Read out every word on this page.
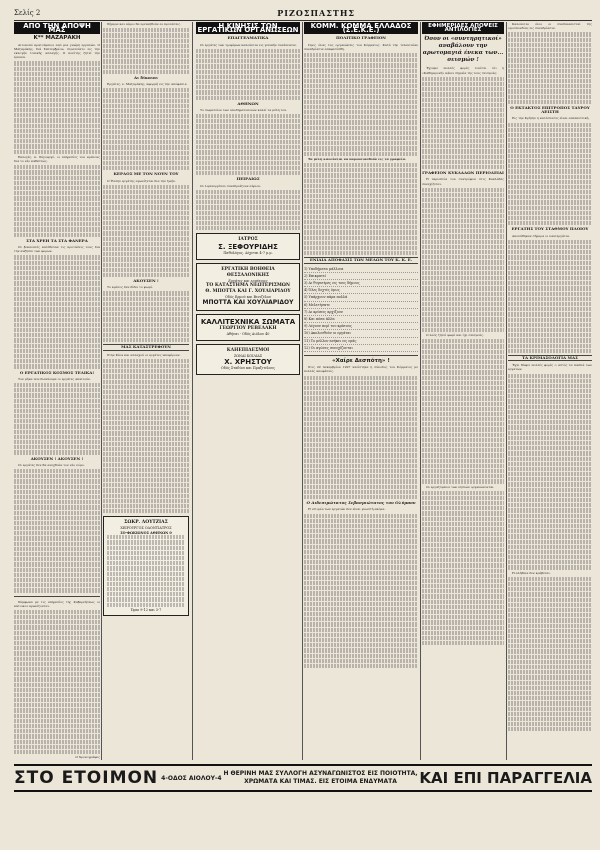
Σελίς 2	ΡΙΖΟΣΠΑΣΤΗΣ
ΑΠΟ ΤΗΝ ΑΠΟΨΗ ΜΑΣ
Κ** ΜΑΖΑΡΑΚΗ

Αιτοκοπό κρατούμενοι από μια γνώμη εργατών. Ο Μαζαράκης, διά Σεπτεμβρίου, στρατεύετο εις την εκλογήν τοπικής αλλαγής. Ο πολίτης ζητεί την έρευνα.

Εκλογές, κ. Σύγουργέ, οι υπηρεσίες του κράτους δια το νέο καθεστώς.

ΣΤΑ ΧΡΕΗ ΤΑ ΣΤΑ ΦΑΝΕΡΑ

Οι βουλευτές κατέθεσαν τις προτάσεις τους δια την αυξησιν των φορων.

Ο ΕΡΓΑΤΙΚΟΣ ΚΟΣΜΟΣ ΤΕΛΙΚΑ!

Τον μήνα που διανύουμε οι εργάτες απαιτούν.

ΑΚΟΥΣΕΝ ! ΑΚΟΥΣΕΝ !

Οι εργάτες δεν θα ανεχθούν τον νέο νόμο.

Σύμφωνα με τις υπηρεσίες της Κυβερνήσεως οι κάτοικοι αγωνίζονται.

Ο Χρονογράφος

Σήμερα και αύριο θα ερευνηθούν αι προτάσεις.

Αι δίκαιαι

Εργάτες, ν. Μαζαράκης, αφορμή εις την απόφασιν.

ΚΕΡΔΟΣ ΜΕ ΤΟΝ ΝΟΥΝ ΤΟΥ

Ο Έλλην εργάτης αγωνίζεται δια την ζωήν.

ΑΚΟΥΣΕΝ !

Το κράτος δεν δίδει το ψωμί.

ΜΑΣ ΚΑΤΑΣΤΡΕΦΟΥΝ

Στην Κίνα και αλλαχού οι εργάτες υποφέρουν.

ΣΩΚΡ. ΛΟΥΤΖΙΑΣ
ΧΕΙΡΟΥΡΓΟΣ ΟΔΟΝΤΙΑΤΡΟΣ
ΣΟ-ΦΩΚΙΩΝΟΣ ΑΘΗΝΩΝ 0
Ώραι 9-12 και 3-7
Η ΚΙΝΗΣΙΣ ΤΩΝ ΕΡΓΑΤΙΚΩΝ ΟΡΓΑΝΩΣΕΩΝ
ΕΠΑΓΓΕΛΜΑΤΙΚΑ

Οι εργάτες των τροφίμων καλούνται εις γενικήν συνέλευσιν.

ΑΘΗΝΩΝ

Το σωματείον των υποδηματοποιών καλεί τα μέλη του.

ΠΕΙΡΑΙΩΣ

Οι λιμενεργάται συνεδριάζουν αύριον.

ΙΑΤΡΟΣ
Σ. ΞΕΦΟΥΡΙΔΗΣ
Παθολόγος. Δέχεται 4-7 μ.μ.
ΕΡΓΑΤΙΚΗ ΒΟΗΘΕΙΑ ΘΕΣΣΑΛΟΝΙΚΗΣ
Εργάτες και εργάτριες
ΤΟ ΚΑΤΑΣΤΗΜΑ ΝΕΩΤΕΡΙΣΜΩΝ
Θ. ΜΠΟΤΤΑ ΚΑΙ Γ. ΧΟΥΛΙΑΡΙΔΟΥ
Οδός Ερμού και Βενιζέλου
ΜΠΟΤΤΑ ΚΑΙ ΧΟΥΛΙΑΡΙΔΟΥ
ΚΑΛΛΙΤΕΧΝΙΚΑ ΣΩΜΑΤΑ
ΓΕΩΡΓΙΟΥ ΡΕΒΕΛΑΚΗ
Αθήναι - Οδός Αιόλου 40
ΚΛΗΕΠΙΔΕΣΜΟΙ
ΖΩΝΑΙ ΚΟΙΛΙΑΣ
Χ. ΧΡΗΣΤΟΥ
Οδός Σταδίου και Πραξιτέλους
ΚΟΜΜ. ΚΟΜΜΑ ΕΛΛΑΔΟΣ (Σ.Ε.Κ.Ε.)
ΠΟΛΙΤΙΚΟ ΓΡΑΦΕΙΟΝ

Προς όλας τας οργανώσεις του Κόμματος. Κατά την τελευταίαν συνεδρίασιν απεφασίσθη.

Τα μέλη καλούνται να παρουσιασθούν εις τα γραφεία.

ΕΝΙΑΙΑ ΑΠΟΦΑΣΙΣ ΤΩΝ ΜΕΛΩΝ ΤΟΥ Κ. Κ. Ε.
1) Υποδήματα μάλλινα
2) Επικρατεί
3) Αι θυγατέρες εις τους δήμους
4) Όλες δεχτές όμως
5) Υπάρχουν πάρα πολλά
6) Μελετήσατε
7) Αι κρίσεις αρχίζουν
8) Και πόσα άλλα
9) Λέγουν περί του κράτους
10) Ακολουθούν οι εργάται
11) Το μέλλον ανήκει εις εμάς
12) Οι αγώνες συνεχίζονται
«Χαίρε Δεσπότη» !

Στις 22 Δεκεμβρίου 1927 κλείστηκε η σύνοδος του Κόμματος με πολλές αποφάσεις.

Ο Αιδεσιμώτατος Σεβασμιώτατος του Ολύμπου

Η ιστορία των εργατών δεν είναι γνωστή ακόμα.

ΕΦΗΜΕΡΙΔΕΣ ΑΠΟΨΕΙΣ ΑΝΤΙΛΟΓΙΕΣ
Όσον οι «συντηρητικοί» αναβάλουν την αρωτομαγιά ένεκα των... σεισμών !

Έχουμε πολλές φορές τονίσει ότι η «Καθημερινή» κάνει σημαία της τους σεισμούς.

ΓΡΑΦΕΙΟΝ ΚΥΚΛΑΔΩΝ ΠΕΡΙΟΔΕΙΑΙ

Η περιοδεία του συντρόφου στις Κυκλάδες συνεχίζεται.

Ο λαός ζητεί ψωμί και όχι σεισμούς.

Οι εργαζόμενοι των νησιών οργανώνονται.

Καλούνται όλοι οι συνδικαλισταί της ομοσπονδίας εις συνεδρίασιν.

Ο ΕΚΤΑΚΤΟΣ ΕΠΙΤΡΟΠΟΣ ΤΑΥΡΟΥ ΛΕΙΣΤΗ

Εις την Κρήτην η κατάστασις είναι απελπιστική.

ΕΡΓΑΤΗΣ ΤΟΥ ΣΤΑΘΜΟΥ ΠΛΟΙΟΥ

Απολύθηκαν σήμερα οι ναυτεργάται.

ΤΑ ΚΡΙΜΑΣΟΛΟΓΙΑ ΜΑΣ

Έχει θάψει πολλές φορές ο αστός τα παιδιά των εργατών.

Η αλήθεια δεν κρύβεται.

ΣΤΟ ΕΤΟΙΜΟΝ 4-ΟΔΟΣ ΑΙΟΛΟΥ-4
Η ΘΕΡΙΝΗ ΜΑΣ ΣΥΛΛΟΓΗ ΑΣΥΝΑΓΩΝΙΣΤΟΣ ΕΙΣ ΠΟΙΟΤΗΤΑ,
ΧΡΩΜΑΤΑ ΚΑΙ ΤΙΜΑΣ. ΕΙΣ ΕΤΟΙΜΑ ΕΝΔΥΜΑΤΑ	ΚΑΙ ΕΠΙ ΠΑΡΑΓΓΕΛΙΑ
